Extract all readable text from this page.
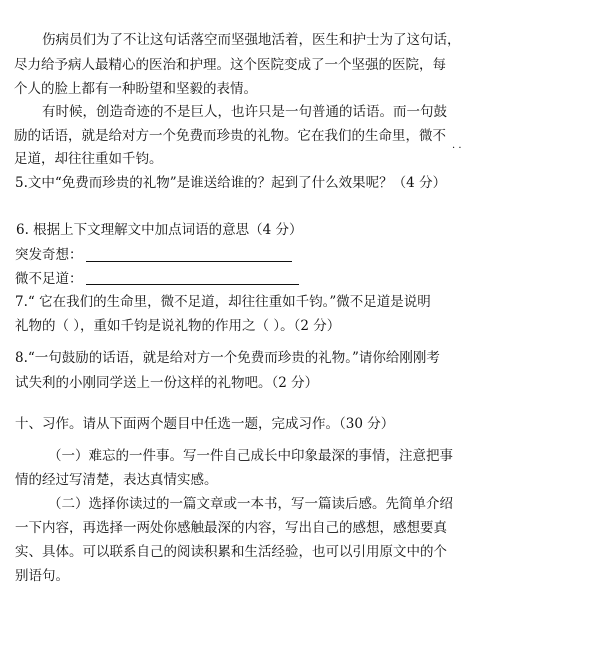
伤病员们为了不让这句话落空而坚强地活着，医生和护士为了这句话，
尽力给予病人最精心的医治和护理。这个医院变成了一个坚强的医院，每
个人的脸上都有一种盼望和坚毅的表情。
有时候，创造奇迹的不是巨人，也许只是一句普通的话语。而一句鼓
励的话语，就是给对方一个免费而珍贵的礼物。它在我们的生命里，微不
· ·
足道，却往往重如千钧。
5.文中“免费而珍贵的礼物”是谁送给谁的？起到了什么效果呢？（4 分）
6. 根据上下文理解文中加点词语的意思（4 分）
突发奇想：
微不足道：
7.“ 它在我们的生命里，微不足道，却往往重如千钧。”微不足道是说明
礼物的（ ），重如千钧是说礼物的作用之（ ）。（2 分）
8.“一句鼓励的话语，就是给对方一个免费而珍贵的礼物。”请你给刚刚考
试失利的小刚同学送上一份这样的礼物吧。（2 分）
十、习作。请从下面两个题目中任选一题，完成习作。（30 分）
（一）难忘的一件事。写一件自己成长中印象最深的事情，注意把事
情的经过写清楚，表达真情实感。
（二）选择你读过的一篇文章或一本书，写一篇读后感。先简单介绍
一下内容，再选择一两处你感触最深的内容，写出自己的感想，感想要真
实、具体。可以联系自己的阅读积累和生活经验，也可以引用原文中的个
别语句。
